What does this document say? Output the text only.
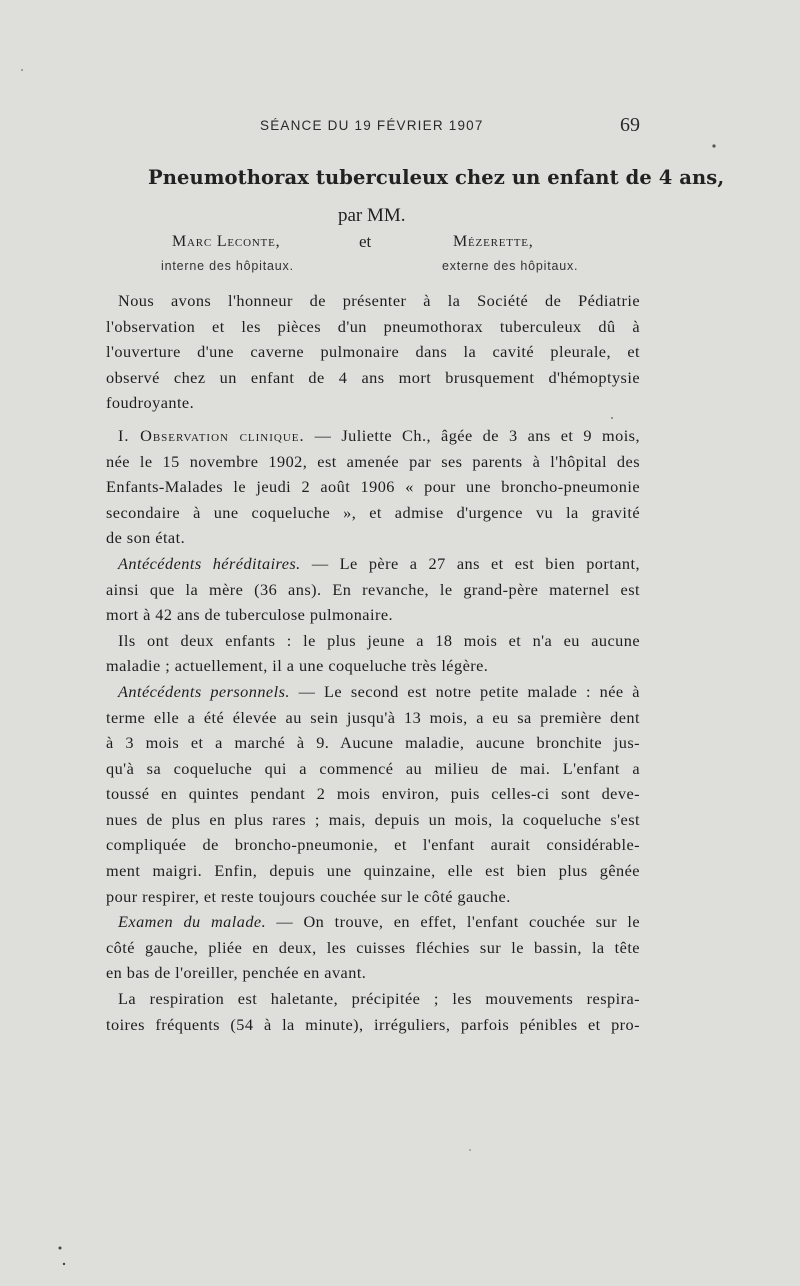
SÉANCE DU 19 FÉVRIER 1907	69
Pneumothorax tuberculeux chez un enfant de 4 ans,
par MM.
Marc Leconte,	et	Mézerette,
interne des hôpitaux.	externe des hôpitaux.
Nous avons l'honneur de présenter à la Société de Pédiatrie
l'observation et les pièces d'un pneumothorax tuberculeux dû à
l'ouverture d'une caverne pulmonaire dans la cavité pleurale, et
observé chez un enfant de 4 ans mort brusquement d'hémoptysie
foudroyante.
I. Observation clinique. — Juliette Ch., âgée de 3 ans et 9 mois,
née le 15 novembre 1902, est amenée par ses parents à l'hôpital des
Enfants-Malades le jeudi 2 août 1906 « pour une broncho-pneumonie
secondaire à une coqueluche », et admise d'urgence vu la gravité
de son état.
Antécédents héréditaires. — Le père a 27 ans et est bien portant,
ainsi que la mère (36 ans). En revanche, le grand-père maternel est
mort à 42 ans de tuberculose pulmonaire.
Ils ont deux enfants : le plus jeune a 18 mois et n'a eu aucune
maladie ; actuellement, il a une coqueluche très légère.
Antécédents personnels. — Le second est notre petite malade : née à
terme elle a été élevée au sein jusqu'à 13 mois, a eu sa première dent
à 3 mois et a marché à 9. Aucune maladie, aucune bronchite jus-
qu'à sa coqueluche qui a commencé au milieu de mai. L'enfant a
toussé en quintes pendant 2 mois environ, puis celles-ci sont deve-
nues de plus en plus rares ; mais, depuis un mois, la coqueluche s'est
compliquée de broncho-pneumonie, et l'enfant aurait considérable-
ment maigri. Enfin, depuis une quinzaine, elle est bien plus gênée
pour respirer, et reste toujours couchée sur le côté gauche.
Examen du malade. — On trouve, en effet, l'enfant couchée sur le
côté gauche, pliée en deux, les cuisses fléchies sur le bassin, la tête
en bas de l'oreiller, penchée en avant.
La respiration est haletante, précipitée ; les mouvements respira-
toires fréquents (54 à la minute), irréguliers, parfois pénibles et pro-
